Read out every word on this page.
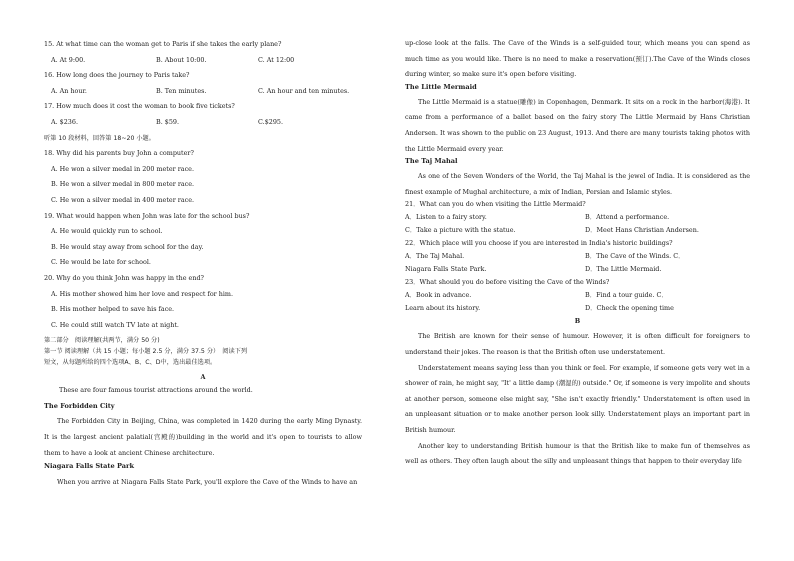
15. At what time can the woman get to Paris if she takes the early plane?
A. At 9:00.	B. About 10:00.	C. At 12:00
16. How long does the journey to Paris take?
A. An hour.	B. Ten minutes.	C. An hour and ten minutes.
17. How much does it cost the woman to book five tickets?
A. $236.	B. $59.	C.$295.
听第 10 段材料，回答第 18~20 小题。
18. Why did his parents buy John a computer?
A. He won a silver medal in 200 meter race.
B. He won a silver medal in 800 meter race.
C. He won a silver medal in 400 meter race.
19. What would happen when John was late for the school bus?
A. He would quickly run to school.
B. He would stay away from school for the day.
C. He would be late for school.
20. Why do you think John was happy in the end?
A. His mother showed him her love and respect for him.
B. His mother helped to save his face.
C. He could still watch TV late at night.
第二部分　阅读理解(共两节，满分 50 分)
第一节 阅读理解（共 15 小题；每小题 2.5 分，满分 37.5 分）　阅读下列
短文，从每题所给的四个选项A、B、C、D中，选出最佳选项。
A
These are four famous tourist attractions around the world.
The Forbidden City
The Forbidden City in Beijing, China, was completed in 1420 during the early Ming Dynasty. It is the largest ancient palatial(宫殿的)building in the world and it's open to tourists to allow them to have a look at ancient Chinese architecture.
Niagara Falls State Park
When you arrive at Niagara Falls State Park, you'll explore the Cave of the Winds to have an
up-close look at the falls. The Cave of the Winds is a self-guided tour, which means you can spend as much time as you would like. There is no need to make a reservation(预订).The Cave of the Winds closes during winter, so make sure it's open before visiting.
The Little Mermaid
The Little Mermaid is a statue(雕像) in Copenhagen, Denmark. It sits on a rock in the harbor(海港). It came from a performance of a ballet based on the fairy story The Little Mermaid by Hans Christian Andersen. It was shown to the public on 23 August, 1913. And there are many tourists taking photos with the Little Mermaid every year.
The Taj Mahal
As one of the Seven Wonders of the World, the Taj Mahal is the jewel of India. It is considered as the finest example of Mughal architecture, a mix of Indian, Persian and Islamic styles.
21．What can you do when visiting the Little Mermaid?
A．Listen to a fairy story.	B．Attend a performance.
C．Take a picture with the statue.	D．Meet Hans Christian Andersen.
22．Which place will you choose if you are interested in India's historic buildings?
A．The Taj Mahal.	B．The Cave of the Winds. C．
Niagara Falls State Park.	D．The Little Mermaid.
23．What should you do before visiting the Cave of the Winds?
A．Book in advance.	B．Find a tour guide. C．
Learn about its history.	D．Check the opening time
B
The British are known for their sense of humour. However, it is often difficult for foreigners to understand their jokes. The reason is that the British often use understatement.
Understatement means saying less than you think or feel. For example, if someone gets very wet in a shower of rain, he might say, "It' a little damp (潮湿的) outside." Or, if someone is very impolite and shouts at another person, someone else might say, "She isn't exactly friendly." Understatement is often used in an unpleasant situation or to make another person look silly. Understatement plays an important part in British humour.
Another key to understanding British humour is that the British like to make fun of themselves as well as others. They often laugh about the silly and unpleasant things that happen to their everyday life
